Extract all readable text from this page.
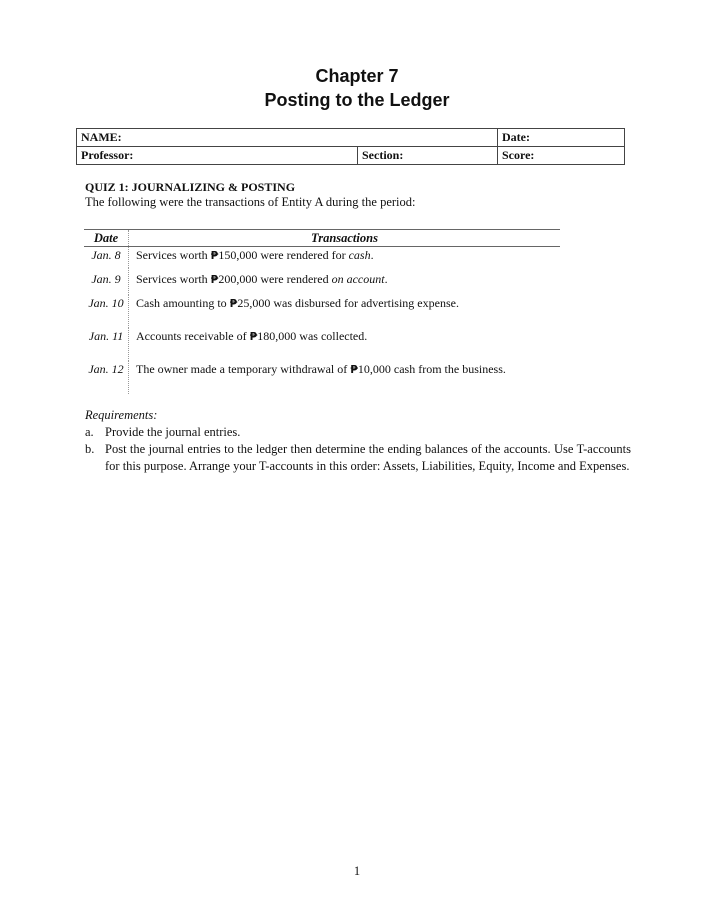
Chapter 7
Posting to the Ledger
NAME:		Date:
Professor:	Section:	Score:
QUIZ 1: JOURNALIZING & POSTING
The following were the transactions of Entity A during the period:
Date	Transactions
Jan. 8	Services worth ₱150,000 were rendered for cash.
Jan. 9	Services worth ₱200,000 were rendered on account.
Jan. 10	Cash amounting to ₱25,000 was disbursed for advertising expense.
Jan. 11	Accounts receivable of ₱180,000 was collected.
Jan. 12	The owner made a temporary withdrawal of ₱10,000 cash from the business.
Requirements:
a. Provide the journal entries.
b. Post the journal entries to the ledger then determine the ending balances of the accounts. Use T-accounts for this purpose. Arrange your T-accounts in this order: Assets, Liabilities, Equity, Income and Expenses.
1
